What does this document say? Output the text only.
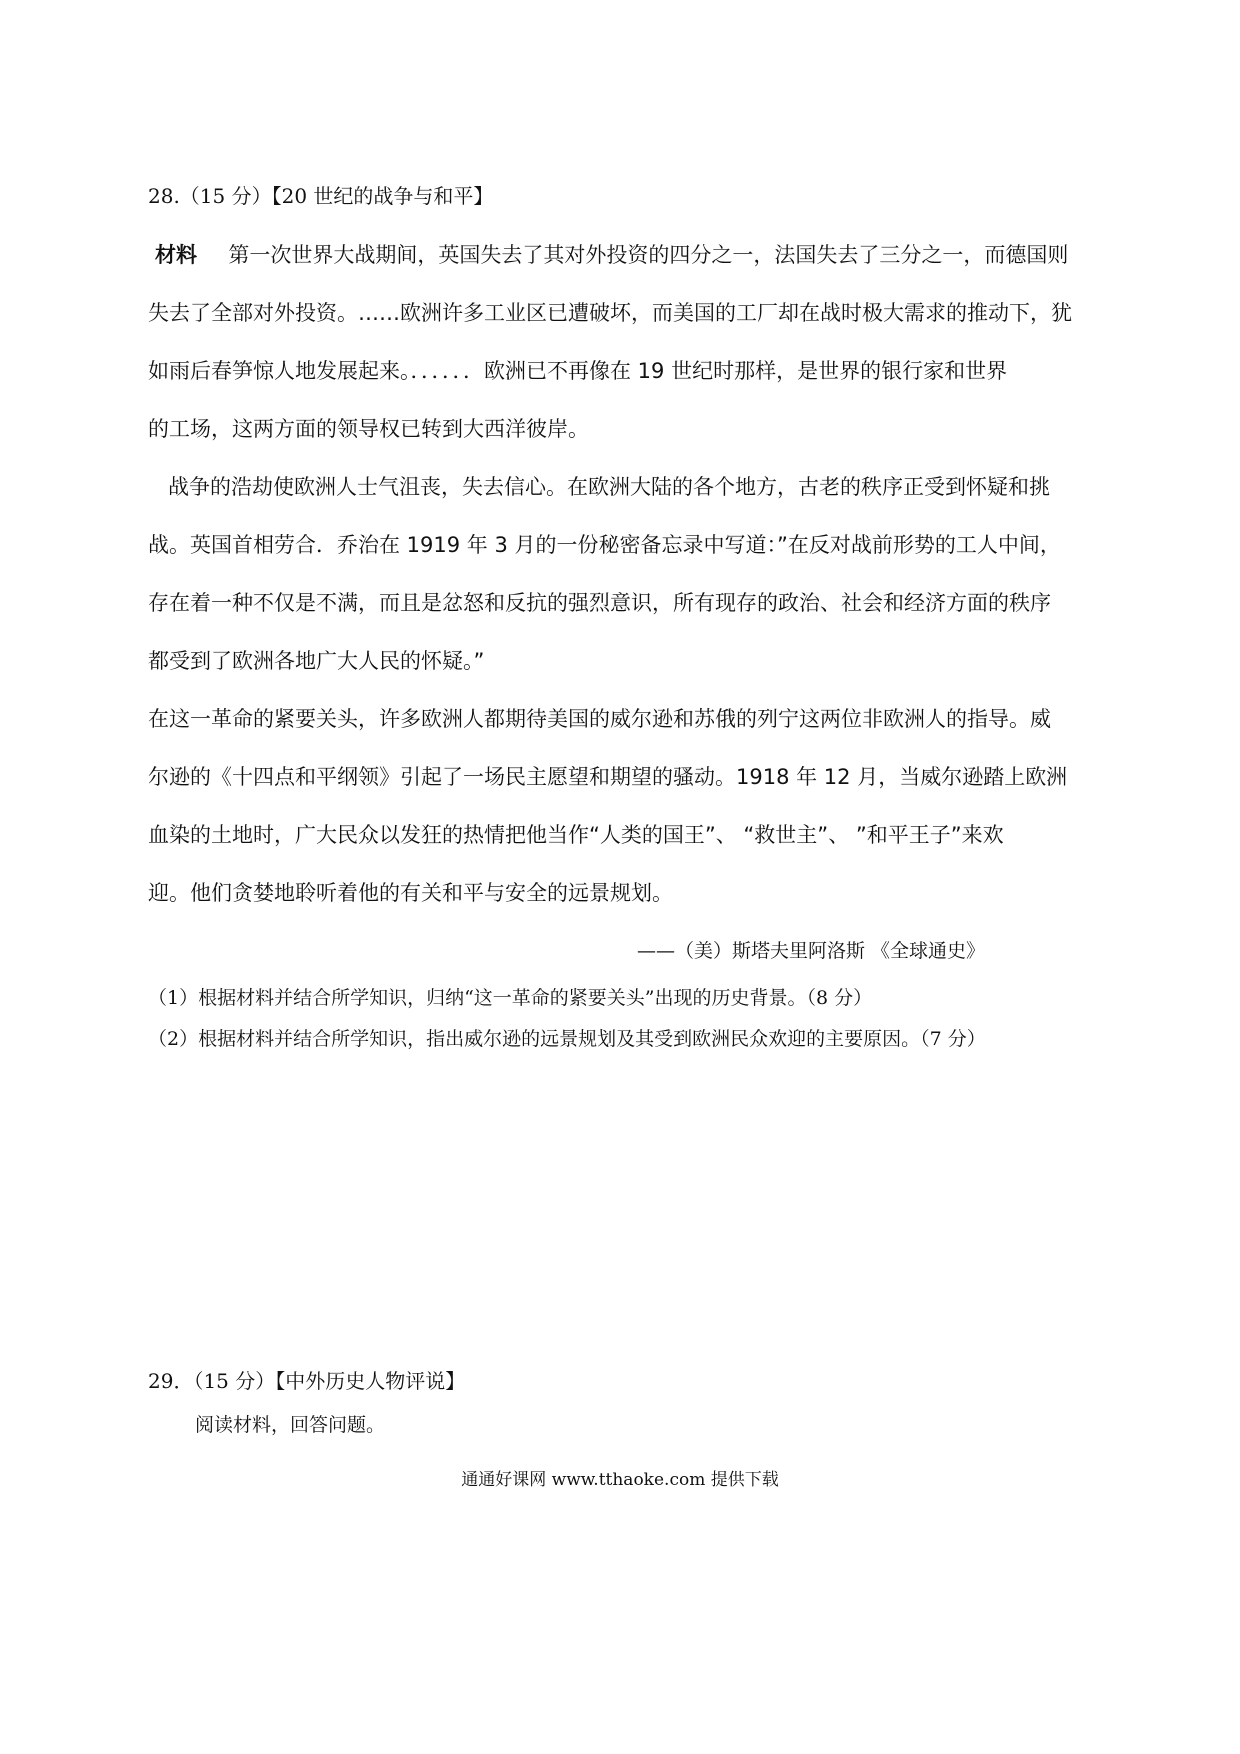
28.（15 分）【20 世纪的战争与和平】

材料 第一次世界大战期间，英国失去了其对外投资的四分之一，法国失去了三分之一，而德国则

失去了全部对外投资。……欧洲许多工业区已遭破坏，而美国的工厂却在战时极大需求的推动下，犹

如雨后春笋惊人地发展起来。．．．．．．欧洲已不再像在 19 世纪时那样，是世界的银行家和世界

的工场，这两方面的领导权已转到大西洋彼岸。

战争的浩劫使欧洲人士气沮丧，失去信心。在欧洲大陆的各个地方，古老的秩序正受到怀疑和挑

战。英国首相劳合．乔治在 1919 年 3 月的一份秘密备忘录中写道：”在反对战前形势的工人中间，

存在着一种不仅是不满，而且是忿怒和反抗的强烈意识，所有现存的政治、社会和经济方面的秩序

都受到了欧洲各地广大人民的怀疑。”

在这一革命的紧要关头，许多欧洲人都期待美国的威尔逊和苏俄的列宁这两位非欧洲人的指导。威

尔逊的《十四点和平纲领》引起了一场民主愿望和期望的骚动。1918 年 12 月，当威尔逊踏上欧洲

血染的土地时，广大民众以发狂的热情把他当作“人类的国王”、 “救世主”、 ”和平王子”来欢

迎。他们贪婪地聆听着他的有关和平与安全的远景规划。

——（美）斯塔夫里阿洛斯 《全球通史》

（1）根据材料并结合所学知识，归纳“这一革命的紧要关头”出现的历史背景。（8 分）

（2）根据材料并结合所学知识，指出威尔逊的远景规划及其受到欧洲民众欢迎的主要原因。（7 分）

29．（15 分）【中外历史人物评说】

阅读材料，回答问题。

通通好课网 www.tthaoke.com 提供下载
